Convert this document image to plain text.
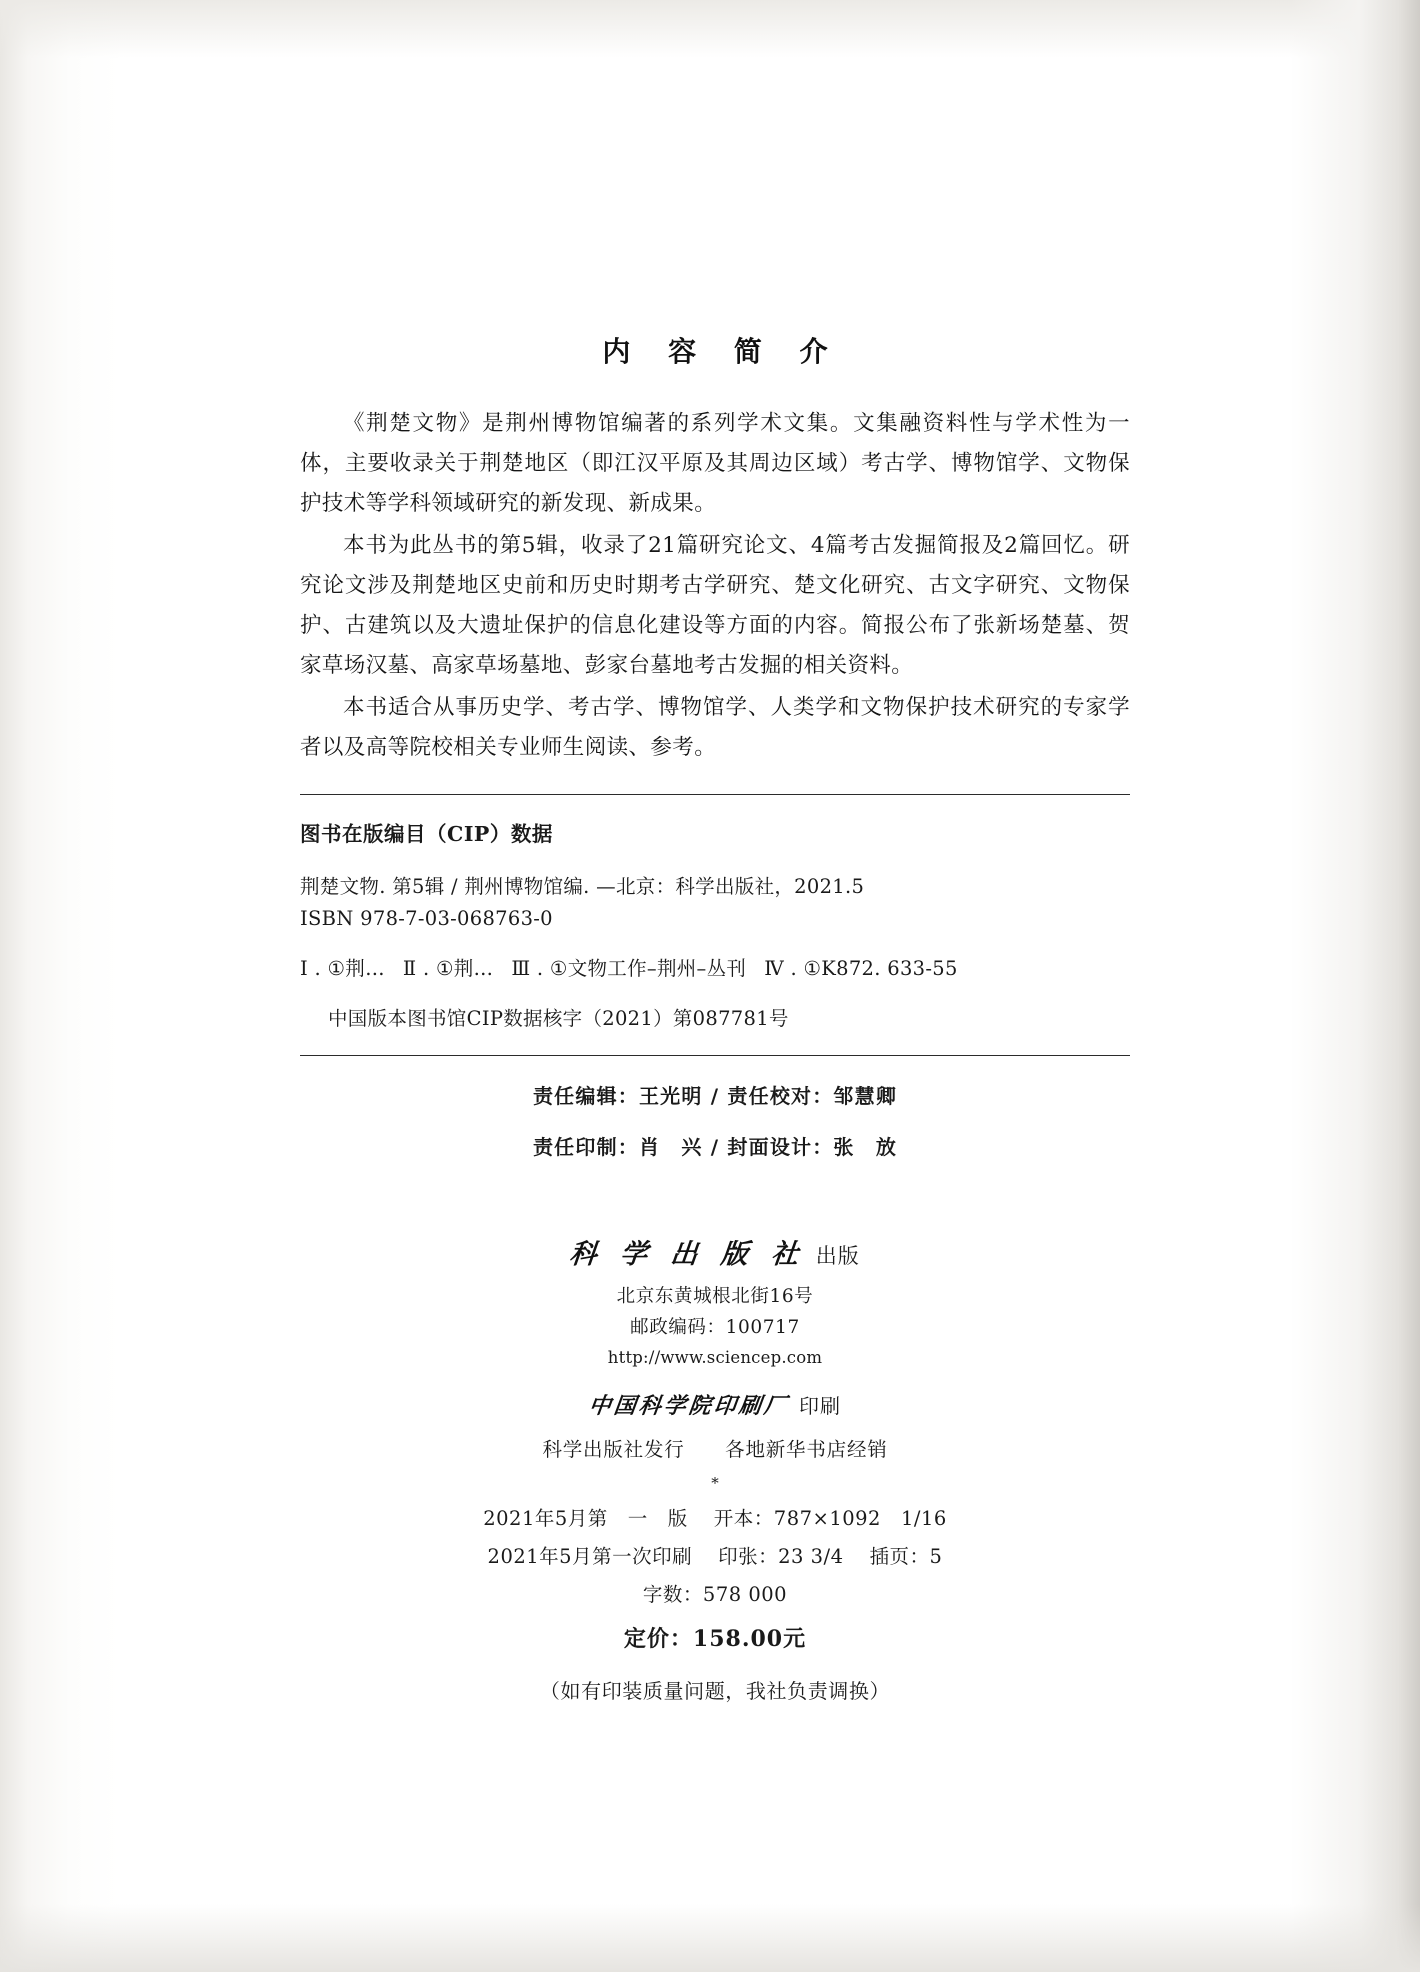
内 容 简 介

《荆楚文物》是荆州博物馆编著的系列学术文集。文集融资料性与学术性为一体，主要收录关于荆楚地区（即江汉平原及其周边区域）考古学、博物馆学、文物保护技术等学科领域研究的新发现、新成果。

本书为此丛书的第5辑，收录了21篇研究论文、4篇考古发掘简报及2篇回忆。研究论文涉及荆楚地区史前和历史时期考古学研究、楚文化研究、古文字研究、文物保护、古建筑以及大遗址保护的信息化建设等方面的内容。简报公布了张新场楚墓、贺家草场汉墓、高家草场墓地、彭家台墓地考古发掘的相关资料。

本书适合从事历史学、考古学、博物馆学、人类学和文物保护技术研究的专家学者以及高等院校相关专业师生阅读、参考。

图书在版编目（CIP）数据

荆楚文物. 第5辑 / 荆州博物馆编. —北京：科学出版社，2021.5

ISBN 978-7-03-068763-0

Ⅰ . ①荆… Ⅱ . ①荆… Ⅲ . ①文物工作–荆州–丛刊 Ⅳ . ①K872. 633-55

中国版本图书馆CIP数据核字（2021）第087781号

责任编辑：王光明 / 责任校对：邹慧卿

责任印制：肖　兴 / 封面设计：张　放

科 学 出 版 社 出版
北京东黄城根北街16号
邮政编码：100717
http://www.sciencep.com
中国科学院印刷厂 印刷
科学出版社发行　　各地新华书店经销
*
2021年5月第　一　版 开本：787×1092　1/16
2021年5月第一次印刷 印张：23 3/4 插页：5
字数：578 000
定价：158.00元
（如有印装质量问题，我社负责调换）
